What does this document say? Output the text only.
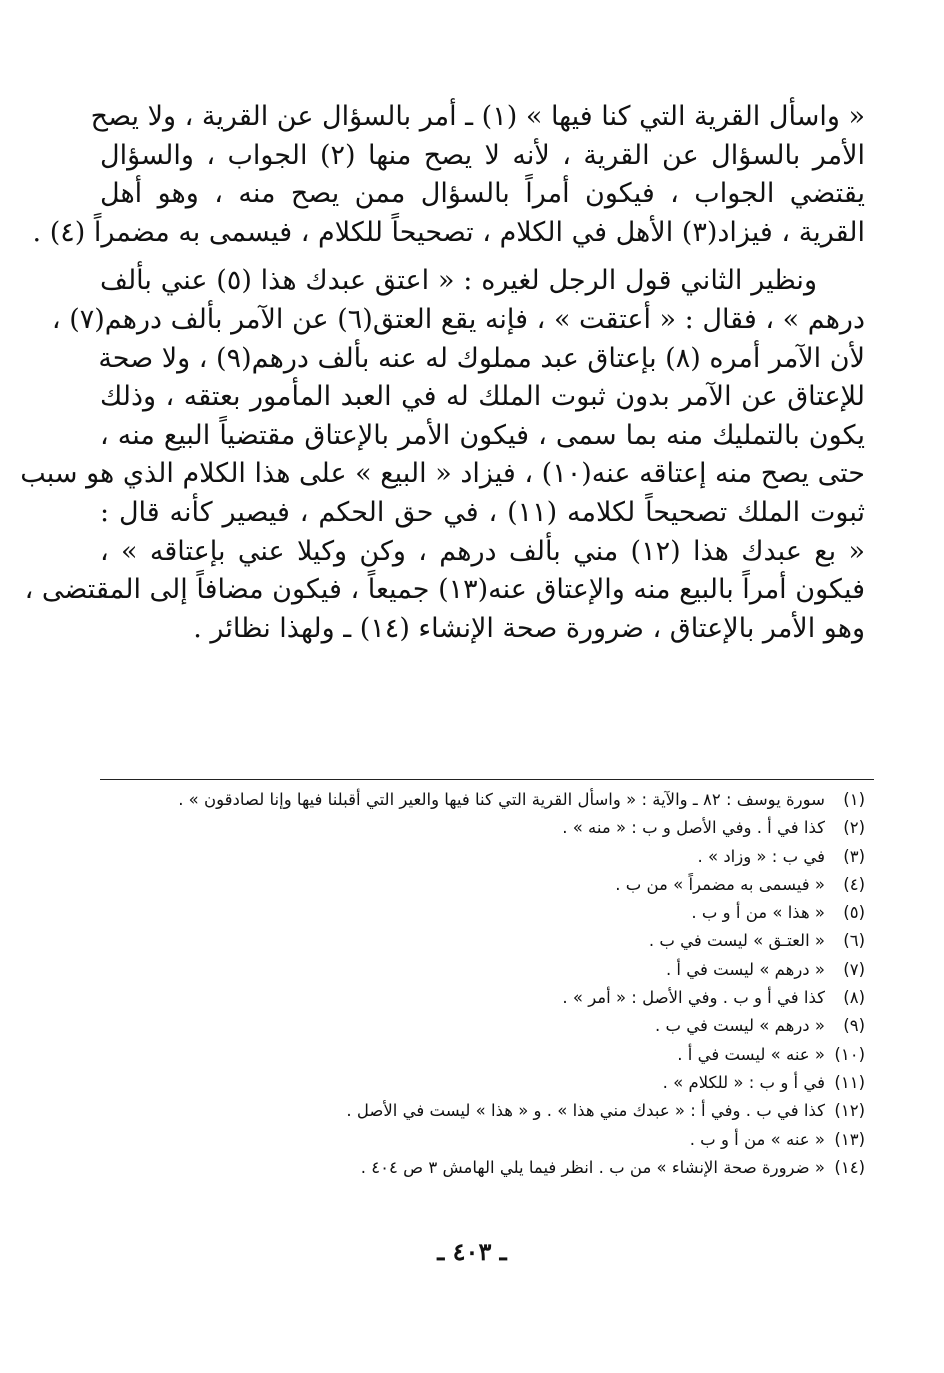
« واسأل القرية التي كنا فيها » (١) ـ أمر بالسؤال عن القرية ، ولا يصح
الأمر بالسؤال عن القرية ، لأنه لا يصح منها (٢) الجواب ، والسؤال
يقتضي الجواب ، فيكون أمراً بالسؤال ممن يصح منه ، وهو أهل
القرية ، فيزاد(٣) الأهل في الكلام ، تصحيحاً للكلام ، فيسمى به مضمراً (٤) .
ونظير الثاني قول الرجل لغيره : « اعتق عبدك هذا (٥) عني بألف
درهم » ، فقال : « أعتقت » ، فإنه يقع العتق(٦) عن الآمر بألف درهم(٧) ،
لأن الآمر أمره (٨) بإعتاق عبد مملوك له عنه بألف درهم(٩) ، ولا صحة
للإعتاق عن الآمر بدون ثبوت الملك له في العبد المأمور بعتقه ، وذلك
يكون بالتمليك منه بما سمى ، فيكون الأمر بالإعتاق مقتضياً البيع منه ،
حتى يصح منه إعتاقه عنه(١٠) ، فيزاد « البيع » على هذا الكلام الذي هو سبب
ثبوت الملك تصحيحاً لكلامه (١١) ، في حق الحكم ، فيصير كأنه قال :
« بع عبدك هذا (١٢) مني بألف درهم ، وكن وكيلا عني بإعتاقه » ،
فيكون أمراً بالبيع منه والإعتاق عنه(١٣) جميعاً ، فيكون مضافاً إلى المقتضى ،
وهو الأمر بالإعتاق ، ضرورة صحة الإنشاء (١٤) ـ ولهذا نظائر .
(١)سورة يوسف : ٨٢ ـ والآية : « واسأل القرية التي كنا فيها والعير التي أقبلنا فيها وإنا لصادقون » .
(٢)كذا في أ . وفي الأصل و ب : « منه » .
(٣)في ب : « وزاد » .
(٤)« فيسمى به مضمراً » من ب .
(٥)« هذا » من أ و ب .
(٦)« العتـق » ليست في ب .
(٧)« درهم » ليست في أ .
(٨)كذا في أ و ب . وفي الأصل : « أمر » .
(٩)« درهم » ليست في ب .
(١٠)« عنه » ليست في أ .
(١١)في أ و ب : « للكلام » .
(١٢)كذا في ب . وفي أ : « عبدك مني هذا » . و « هذا » ليست في الأصل .
(١٣)« عنه » من أ و ب .
(١٤)« ضرورة صحة الإنشاء » من ب . انظر فيما يلي الهامش ٣ ص ٤٠٤ .
ـ ٤٠٣ ـ
